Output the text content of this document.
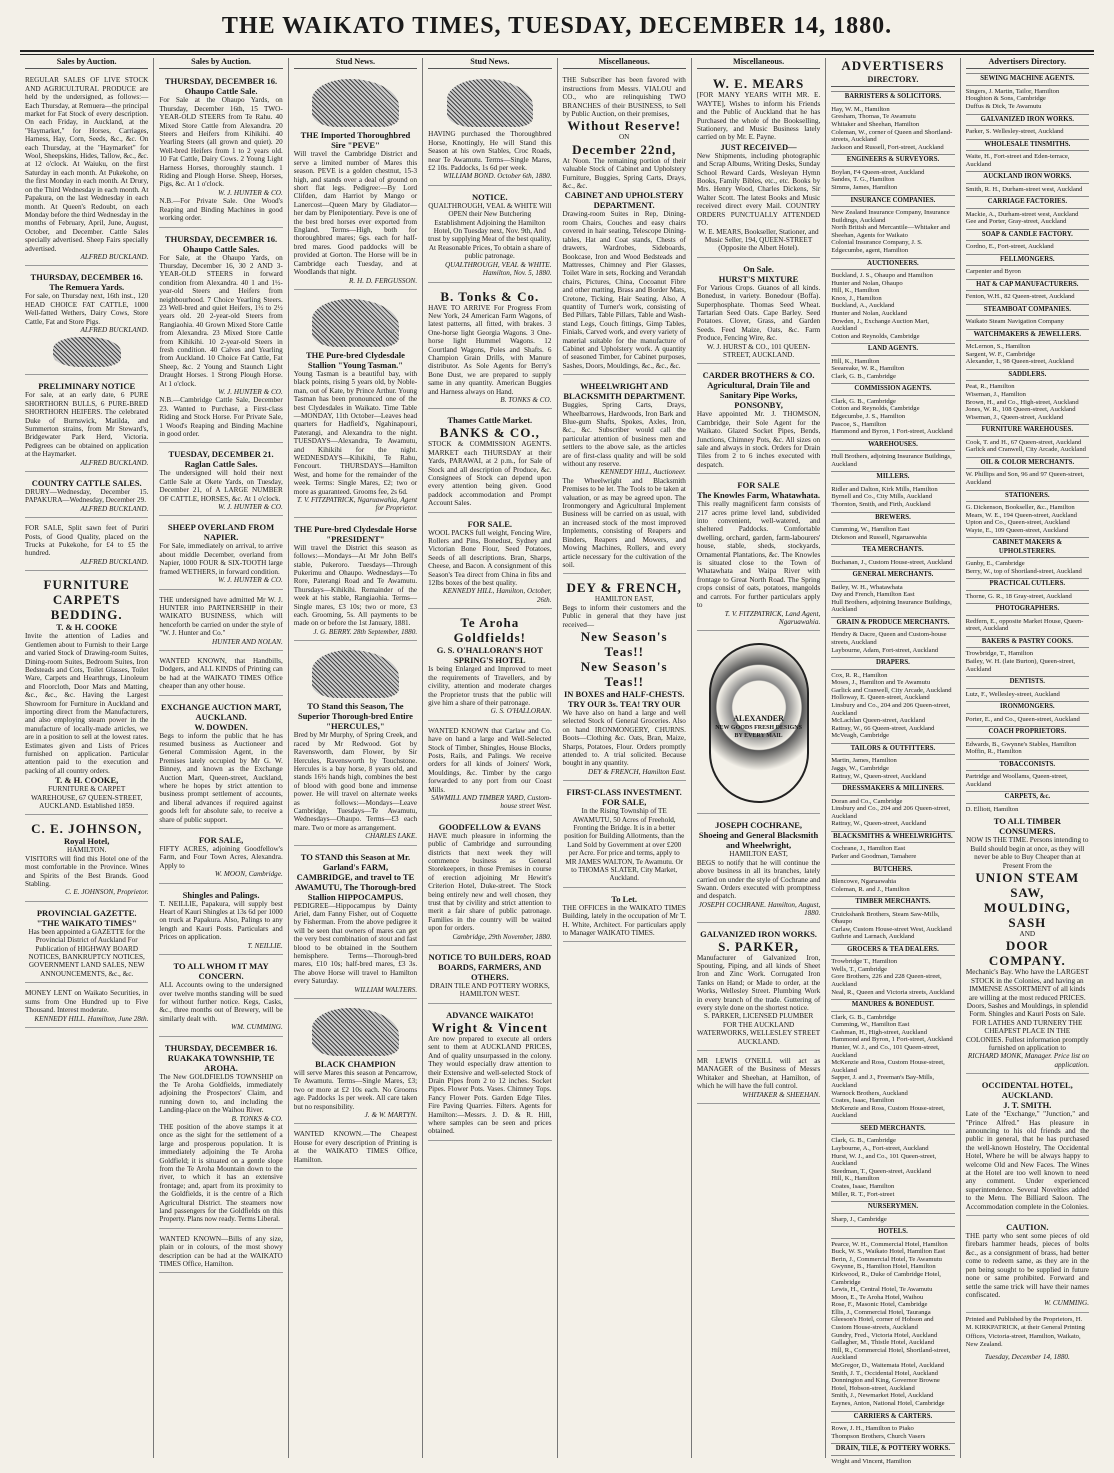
THE WAIKATO TIMES, TUESDAY, DECEMBER 14, 1880.
Sales by Auction.
REGULAR SALES OF LIVE STOCK AND AGRICULTURAL PRODUCE are held by the undersigned, as follows:— Each Thursday, at Remuera—the principal market for Fat Stock of every description. On each Friday, in Auckland, at the "Haymarket," for Horses, Carriages, Harness, Hay, Corn, Seeds, &c., &c. On each Thursday, at the "Haymarket" for Wool, Sheepskins, Hides, Tallow, &c., &c. at 12 o'clock. At Waiuku, on the first Saturday in each month. At Pukekohe, on the first Monday in each month. At Drury, on the Third Wednesday in each month. At Papakura, on the last Wednesday in each month. At Queen's Redoubt, on each Monday before the third Wednesday in the months of February, April, June, August, October, and December. Cattle Sales specially advertised. Sheep Fairs specially advertised.
ALFRED BUCKLAND.
THURSDAY, DECEMBER 16.
The Remuera Yards.
For sale, on Thursday next, 16th inst., 120 HEAD CHOICE FAT CATTLE, 1000 Well-fatted Wethers, Dairy Cows, Store Cattle, Fat and Store Pigs.
ALFRED BUCKLAND.
PRELIMINARY NOTICE
For sale, at an early date, 6 PURE SHORTHORN BULLS, 6 PURE-BRED SHORTHORN HEIFERS. The celebrated Duke of Burnswick, Matilda, and Summerton strains, from Mr Steward's, Bridgewater Park Herd, Victoria. Pedigrees can be obtained on application at the Haymarket.
ALFRED BUCKLAND.
COUNTRY CATTLE SALES.
DRURY—Wednesday, December 15. PAPAKURA—Wednesday, December 29.
ALFRED BUCKLAND.
FOR SALE, Split sawn feet of Puriri Posts, of Good Quality, placed on the Trucks at Pukekohe, for £4 to £5 the hundred.
ALFRED BUCKLAND.
FURNITURE
CARPETS
BEDDING.
T. & H. COOKE
Invite the attention of Ladies and Gentlemen about to Furnish to their Large and varied Stock of Drawing-room Suites, Dining-room Suites, Bedroom Suites, Iron Bedsteads and Cots, Toilet Glasses, Toilet Ware, Carpets and Hearthrugs, Linoleum and Floorcloth, Door Mats and Matting, &c., &c., &c. Having the Largest Showroom for Furniture in Auckland and importing direct from the Manufacturers, and also employing steam power in the manufacture of locally-made articles, we are in a position to sell at the lowest rates. Estimates given and Lists of Prices furnished on application. Particular attention paid to the execution and packing of all country orders.
T. & H. COOKE,
FURNITURE & CARPET WAREHOUSE, 67 QUEEN-STREET, AUCKLAND. Established 1859.
C. E. JOHNSON,
Royal Hotel,
HAMILTON.
VISITORS will find this Hotel one of the most comfortable in the Province. Wines and Spirits of the Best Brands. Good Stabling.
C. E. JOHNSON, Proprietor.
PROVINCIAL GAZETTE.
"THE WAIKATO TIMES"
Has been appointed a GAZETTE for the Provincial District of Auckland For Publication of HIGHWAY BOARD NOTICES, BANKRUPTCY NOTICES, GOVERNMENT LAND SALES, NEW ANNOUNCEMENTS, &c., &c.
MONEY LENT on Waikato Securities, in sums from One Hundred up to Five Thousand. Interest moderate.
KENNEDY HILL. Hamilton, June 28th.
Sales by Auction.
THURSDAY, DECEMBER 16.
Ohaupo Cattle Sale.
For Sale at the Ohaupo Yards, on Thursday, December 16th, 15 TWO-YEAR-OLD STEERS from Te Rahu. 40 Mixed Store Cattle from Alexandra. 20 Steers and Heifers from Kihikihi. 40 Yearling Steers (all grown and quiet). 20 Well-bred Heifers from 1 to 2 years old. 10 Fat Cattle, Dairy Cows. 2 Young Light Harness Horses, thoroughly staunch. 1 Riding and Plough Horse. Sheep, Horses, Pigs, &c. At 1 o'clock.
W. J. HUNTER & CO.
N.B.—For Private Sale. One Wood's Reaping and Binding Machines in good working order.
THURSDAY, DECEMBER 16.
Ohaupo Cattle Sales.
For Sale, at the Ohaupo Yards, on Thursday, December 16, 30 2 AND 3-YEAR-OLD STEERS in forward condition from Alexandra. 40 1 and 1½-year-old Steers and Heifers from neighbourhood. 7 Choice Yearling Steers. 23 Well-bred and quiet Heifers, 1½ to 2½ years old. 20 2-year-old Steers from Rangiaohia. 40 Grown Mixed Store Cattle from Alexandra. 23 Mixed Store Cattle from Kihikihi. 10 2-year-old Steers in fresh condition. 40 Calves and Yearling from Auckland. 10 Choice Fat Cattle, Fat Sheep, &c. 2 Young and Staunch Light Draught Horses. 1 Strong Plough Horse. At 1 o'clock.
W. J. HUNTER & CO.
N.B.—Cambridge Cattle Sale, December 23. Wanted to Purchase, a First-class Riding and Stock Horse. For Private Sale, 1 Wood's Reaping and Binding Machine in good order.
TUESDAY, DECEMBER 21.
Raglan Cattle Sales.
The undersigned will hold their next Cattle Sale at Okete Yards, on Tuesday, December 21, of A LARGE NUMBER OF CATTLE, HORSES, &c. At 1 o'clock.
W. J. HUNTER & CO.
SHEEP OVERLAND FROM NAPIER.
For Sale, immediately on arrival, to arrive about middle December, overland from Napier, 1000 FOUR & SIX-TOOTH large framed WETHERS, in forward condition.
W. J. HUNTER & CO.
THE undersigned have admitted Mr W. J. HUNTER into PARTNERSHIP in their WAIKATO BUSINESS, which will henceforth be carried on under the style of "W. J. Hunter and Co."
HUNTER AND NOLAN.
WANTED KNOWN, that Handbills, Dodgers, and ALL KINDS of Printing can be had at the WAIKATO TIMES Office cheaper than any other house.
EXCHANGE AUCTION MART, AUCKLAND.
W. DOWDEN.
Begs to inform the public that he has resumed business as Auctioneer and General Commission Agent, in the Premises lately occupied by Mr G. W. Binney, and known as the Exchange Auction Mart, Queen-street, Auckland, where he hopes by strict attention to business prompt settlement of accounts, and liberal advances if required against goods left for absolute sale, to receive a share of public support.
FOR SALE,
FIFTY ACRES, adjoining Goodfellow's Farm, and Four Town Acres, Alexandra. Apply to
W. MOON, Cambridge.
Shingles and Palings.
T. NEILLIE, Papakura, will supply best Heart of Kauri Shingles at 13s 6d per 1000 on truck at Papakura. Also, Palings to any length and Kauri Posts. Particulars and Prices on application.
T. NEILLIE.
TO ALL WHOM IT MAY CONCERN.
ALL Accounts owing to the undersigned over twelve months standing will be sued for without further notice. Kegs, Casks, &c., three months out of Brewery, will be similarly dealt with.
WM. CUMMING.
THURSDAY, DECEMBER 16.
RUAKAKA TOWNSHIP, TE AROHA.
The New GOLDFIELDS TOWNSHIP on the Te Aroha Goldfields, immediately adjoining the Prospectors' Claim, and running down to, and including the Landing-place on the Waihou River.
B. TONKS & CO.
THE position of the above stamps it at once as the sight for the settlement of a large and prosperous population. It is immediately adjoining the Te Aroha Goldfield; it is situated on a gentle slope from the Te Aroha Mountain down to the river, to which it has an extensive frontage; and, apart from its proximity to the Goldfields, it is the centre of a Rich Agricultural District. The steamers now land passengers for the Goldfields on this Property. Plans now ready. Terms Liberal.
WANTED KNOWN—Bills of any size, plain or in colours, of the most showy description can be had at the WAIKATO TIMES Office, Hamilton.
Stud News.
THE Imported Thoroughbred Sire "PEVE"
Will travel the Cambridge District and serve a limited number of Mares this season. PEVE is a golden chestnut, 15-3 high, and stands over a deal of ground on short flat legs. Pedigree:—By Lord Clifden, dam Harriot by Mango or Lanercost—Queen Mary by Gladiator—her dam by Plenipotentiary. Peve is one of the best bred horses ever exported from England. Terms—High, both for thoroughbred mares; 6gs. each for half-bred mares. Good paddocks will be provided at Gorton. The Horse will be in Cambridge each Tuesday, and at Woodlands that night.
R. H. D. FERGUSSON.
THE Pure-bred Clydesdale Stallion "Young Tasman."
Young Tasman is a beautiful bay, with black points, rising 5 years old, by Noble-man, out of Kate, by Prince Arthur. Young Tasman has been pronounced one of the best Clydesdales in Waikato. Time Table—MONDAY, 11th October—Leaves head quarters for Hadfield's, Ngahinapouri, Paterangi, and Alexandra to the night. TUESDAYS—Alexandra, Te Awamutu, and Kihikihi for the night. WEDNESDAYS—Kihikihi, Te Rahu, Fencourt. THURSDAYS—Hamilton West, and home for the remainder of the week. Terms: Single Mares, £2; two or more as guaranteed. Grooms fee, 2s 6d.
T. V. FITZPATRICK, Ngaruawahia, Agent for Proprietor.
THE Pure-bred Clydesdale Horse "PRESIDENT"
Will travel the District this season as follows:—Mondays—At Mr John Bell's stable, Pukeroro. Tuesdays—Through Pukerimu and Ohaupo. Wednesdays—To Rore, Paterangi Road and Te Awamutu. Thursdays—Kihikihi. Remainder of the week at his stable, Rangiaohia. Terms—Single mares, £3 10s; two or more, £3 each. Grooming, 5s. All payments to be made on or before the 1st January, 1881.
J. G. BERRY. 28th September, 1880.
TO Stand this Season, The Superior Thorough-bred Entire "HERCULES,"
Bred by Mr Murphy, of Spring Creek, and raced by Mr Redwood. Got by Ravensworth, dam Flower, by Sir Hercules, Ravensworth by Touchstone. Hercules is a bay horse, 8 years old, and stands 16½ hands high, combines the best of blood with good bone and immense power. He will travel on alternate weeks as follows:—Mondays—Leave Cambridge, Tuesdays—Te Awamutu, Wednesdays—Ohaupo. Terms—£3 each mare. Two or more as arrangement.
CHARLES LAKE.
TO STAND this Season at Mr. Garland's FARM, CAMBRIDGE, and travel to TE AWAMUTU, The Thorough-bred Stallion HIPPOCAMPUS.
PEDIGREE—Hippocampus by Dainty Ariel, dam Fanny Fisher, out of Coquette by Fisherman. From the above pedigree it will be seen that owners of mares can get the very best combination of stout and fast blood to be obtained in the Southern hemisphere. Terms—Thorough-bred mares, £10 10s; half-bred mares, £3 3s. The above Horse will travel to Hamilton every Saturday.
WILLIAM WALTERS.
BLACK CHAMPION
will serve Mares this season at Pencarrow, Te Awamutu. Terms—Single Mares, £3; two or more at £2 10s each. No Grooms age. Paddocks 1s per week. All care taken but no responsibility.
J. & W. MARTYN.
WANTED KNOWN.—The Cheapest House for every description of Printing is at the WAIKATO TIMES Office, Hamilton.
Stud News.
HAVING purchased the Thoroughbred Horse, Knottingly, He will Stand this Season at his own Stables, Croc Roads, near Te Awamutu. Terms—Single Mares, £2 10s. Paddocks, 1s 6d per week.
WILLIAM BOND. October 6th, 1880.
NOTICE.
QUALTHROUGH, VEAL & WHITE Will OPEN their New Butchering Establishment Adjoining the Hamilton Hotel, On Tuesday next, Nov. 9th, And trust by supplying Meat of the best quality, At Reasonable Prices, To obtain a share of public patronage.
QUALTHROUGH, VEAL & WHITE. Hamilton, Nov. 5, 1880.
B. Tonks & Co.
HAVE TO ARRIVE For Progress From New York, 24 American Farm Wagons, of latest patterns, all fitted, with brakes. 3 One-horse light Georgia Wagons. 3 One-horse light Hummel Wagons. 12 Courtland Wagons, Poles and Shafts. 6 Champion Grain Drills, with Manure distributor. As Sole Agents for Berry's Bone Dust, we are prepared to supply same in any quantity. American Buggies and Harness always on Hand.
B. TONKS & CO.
Thames Cattle Market.
BANKS & CO.,
STOCK & COMMISSION AGENTS. MARKET each THURSDAY at their Yards, PARAWAI, at 2 p.m., for Sale of Stock and all description of Produce, &c. Consignees of Stock can depend upon every attention being given. Good paddock accommodation and Prompt Account Sales.
FOR SALE.
WOOL PACKS full weight, Fencing Wire, Rollers and Pins, Bonedust, Sydney and Victorian Bone Flour, Seed Potatoes, Seeds of all descriptions. Bran, Sharps, Cheese, and Bacon. A consignment of this Season's Tea direct from China in fibs and 12lbs boxes of the best quality.
KENNEDY HILL, Hamilton, October, 26th.
Te Aroha Goldfields!
G. S. O'HALLORAN'S HOT SPRING'S HOTEL
Is being Enlarged and Improved to meet the requirements of Travellers, and by civility, attention and moderate charges the Proprietor trusts that the public will give him a share of their patronage.
G. S. O'HALLORAN.
WANTED KNOWN that Carlaw and Co. have on hand a large and Well-Selected Stock of Timber, Shingles, House Blocks, Posts, Rails, and Palings. We receive orders for all kinds of Joiners' Work, Mouldings, &c. Timber by the cargo forwarded to any port from our Coast Mills.
SAWMILL AND TIMBER YARD, Custom-house street West.
GOODFELLOW & EVANS
HAVE much pleasure in informing the public of Cambridge and surrounding districts that next week they will commence business as General Storekeepers, in those Premises in course of erection adjoining Mr Hewitt's Criterion Hotel, Duke-street. The Stock being entirely new and well chosen, they trust that by civility and strict attention to merit a fair share of public patronage. Families in the country will be waited upon for orders.
Cambridge, 29th November, 1880.
NOTICE TO BUILDERS, ROAD BOARDS, FARMERS, AND OTHERS.
DRAIN TILE AND POTTERY WORKS, HAMILTON WEST.
ADVANCE WAIKATO!
Wright & Vincent
Are now prepared to execute all orders sent to them at AUCKLAND PRICES, And of quality unsurpassed in the colony. They would especially draw attention to their Extensive and well-selected Stock of Drain Pipes from 2 to 12 inches. Socket Pipes. Flower Pots. Vases. Chimney Tops. Fancy Flower Pots. Garden Edge Tiles. Fire Paving Quarries. Filters. Agents for Hamilton:—Messrs. J. D. & R. Hill, where samples can be seen and prices obtained.
Miscellaneous.
THE Subscriber has been favored with instructions from Messrs. VIALOU and CO., who are relinquishing TWO BRANCHES of their BUSINESS, to Sell by Public Auction, on their premises,
Without Reserve!
ON
December 22nd,
At Noon. The remaining portion of their valuable Stock of Cabinet and Upholstery Furniture, Buggies, Spring Carts, Drays, &c., &c.
CABINET AND UPHOLSTERY DEPARTMENT.
Drawing-room Suites in Rep, Dining-room Chairs, Couches and easy chairs covered in hair seating, Telescope Dining-tables, Hat and Coat stands, Chests of drawers, Wardrobes, Sideboards, Bookcase, Iron and Wood Bedsteads and Mattresses, Chimney and Pier Glasses, Toilet Ware in sets, Rocking and Verandah chairs, Pictures, China, Cocoanut Fibre and other matting, Brass and Border Mats, Cretone, Ticking, Hair Seating. Also, A quantity of Turner's work, consisting of Bed Pillars, Table Pillars, Table and Wash-stand Legs, Couch fittings, Gimp Tables, Finials, Carved work, and every variety of material suitable for the manufacture of Cabinet and Upholstery work. A quantity of seasoned Timber, for Cabinet purposes, Sashes, Doors, Mouldings, &c., &c., &c.
WHEELWRIGHT AND BLACKSMITH DEPARTMENT.
Buggies, Spring Carts, Drays, Wheelbarrows, Hardwoods, Iron Bark and Blue-gum Shafts, Spokes, Axles, Iron, &c., &c. Subscriber would call the particular attention of business men and settlers to the above sale, as the articles are of first-class quality and will be sold without any reserve.
KENNEDY HILL, Auctioneer.
The Wheelwright and Blacksmith Premises to be let. The Tools to be taken at valuation, or as may be agreed upon. The Ironmongery and Agricultural Implement Business will be carried on as usual, with an increased stock of the most improved Implements, consisting of Reapers and Binders, Reapers and Mowers, and Mowing Machines, Rollers, and every article necessary for the cultivation of the soil.
DEY & FRENCH,
HAMILTON EAST,
Begs to inform their customers and the Public in general that they have just received—
New Season's Teas!!
New Season's Teas!!
IN BOXES and HALF-CHESTS.
TRY OUR 3s. TEA! TRY OUR
We have also on hand a large and well selected Stock of General Groceries. Also on hand IRONMONGERY, CHURNS. Boots—Clothing &c. Oats, Bran, Maize, Sharps, Potatoes, Flour. Orders promptly attended to. A trial solicited. Because bought in any quantity.
DEY & FRENCH, Hamilton East.
FIRST-CLASS INVESTMENT.
FOR SALE,
In the Rising Township of TE AWAMUTU, 50 Acres of Freehold, Fronting the Bridge. It is in a better position for Building Allotments, than the Land Sold by Government at over £200 per Acre. For price and terms, apply to MR JAMES WALTON, Te Awamutu. Or to THOMAS SLATER, City Market, Auckland.
To Let.
THE OFFICES in the WAIKATO TIMES Building, lately in the occupation of Mr T. H. White, Architect. For particulars apply to Manager WAIKATO TIMES.
Miscellaneous.
W. E. MEARS
[FOR MANY YEARS WITH MR. E. WAYTE], Wishes to inform his Friends and the Public of Auckland that he has Purchased the whole of the Bookselling, Stationery, and Music Business lately carried on by Mr. E. Payne.
JUST RECEIVED—
New Shipments, including photographic and Scrap Albums, Writing Desks, Sunday School Reward Cards, Wesleyan Hymn Books, Family Bibles, etc., etc. Books by Mrs. Henry Wood, Charles Dickens, Sir Walter Scott. The latest Books and Music received direct every Mail. COUNTRY ORDERS PUNCTUALLY ATTENDED TO.
W. E. MEARS, Bookseller, Stationer, and Music Seller, 194, QUEEN-STREET (Opposite the Albert Hotel).
On Sale.
HURST'S MIXTURE
For Various Crops. Guanos of all kinds. Bonedust, in variety. Bonedour (Boffa). Superphosphate. Thomas Seed Wheat. Tartarian Seed Oats. Cape Barley. Seed Potatoes. Clover, Grass, and Garden Seeds. Feed Maize, Oats, &c. Farm Produce, Fencing Wire, &c.
W. J. HURST & CO., 101 QUEEN-STREET, AUCKLAND.
CARDER BROTHERS & CO.
Agricultural, Drain Tile and Sanitary Pipe Works, PONSONBY,
Have appointed Mr. J. THOMSON, Cambridge, their Sole Agent for the Waikato. Glazed Socket Pipes, Bends, Junctions, Chimney Pots, &c. All sizes on sale and always in stock. Orders for Drain Tiles from 2 to 6 inches executed with despatch.
FOR SALE
The Knowles Farm, Whatawhata.
This really magnificent farm consists of 217 acres prime level land, subdivided into convenient, well-watered, and sheltered Paddocks. Comfortable dwelling, orchard, garden, farm-labourers' house, stable, sheds, stockyards, Ornamental Plantations, &c. The Knowles is situated close to the Town of Whatawhata and Waipa River with frontage to Great North Road. The Spring crops consist of oats, potatoes, mangolds and carrots. For further particulars apply to
T. V. FITZPATRICK, Land Agent, Ngaruawahia.
ALEXANDER
NEW GOODS FRESH DESIGNS BY EVERY MAIL
JOSEPH COCHRANE,
Shoeing and General Blacksmith and Wheelwright,
HAMILTON EAST,
BEGS to notify that he will continue the above business in all its branches, lately carried on under the style of Cochrane and Swann. Orders executed with promptness and despatch.
JOSEPH COCHRANE. Hamilton, August, 1880.
GALVANIZED IRON WORKS.
S. PARKER,
Manufacturer of Galvanized Iron, Spouting, Piping, and all kinds of Sheet Iron and Zinc Work. Corrugated Iron Tanks on Hand; or Made to order, at the Works, Wellesley Street. Plumbing Work in every branch of the trade. Guttering of every style done on the shortest notice.
S. PARKER, LICENSED PLUMBER FOR THE AUCKLAND WATERWORKS, WELLESLEY STREET AUCKLAND.
MR LEWIS O'NEILL will act as MANAGER of the Business of Messrs Whitaker and Sheehan, at Hamilton, of which he will have the full control.
WHITAKER & SHEEHAN.
ADVERTISERS
DIRECTORY.
BARRISTERS & SOLICITORS.
Hay, W. M., Hamilton
Gresham, Thomas, Te Awamutu
Whitaker and Sheehan, Hamilton
Coleman, W., corner of Queen and Shortland-streets, Auckland
Jackson and Russell, Fort-street, Auckland
ENGINEERS & SURVEYORS.
Boylan, F4 Queen-street, Auckland
Sandes, T. G., Hamilton
Simms, James, Hamilton
INSURANCE COMPANIES.
New Zealand Insurance Company, Insurance Buildings, Auckland
North British and Mercantile—Whitaker and Sheehan, Agents for Waikato
Colonial Insurance Company, J. S. Edgecumbe, agent, Hamilton
AUCTIONEERS.
Buckland, J. S., Ohaupo and Hamilton
Hunter and Nolan, Ohaupo
Hill, K., Hamilton
Knox, J., Hamilton
Buckland, A., Auckland
Hunter and Nolan, Auckland
Dowden, J., Exchange Auction Mart, Auckland
Cotton and Reynolds, Cambridge
LAND AGENTS.
Hill, K., Hamilton
Seeareake, W. R., Hamilton
Clark, G. B., Cambridge
COMMISSION AGENTS.
Clark, G. B., Cambridge
Cotton and Reynolds, Cambridge
Edgecumbe, J. S., Hamilton
Pascoe, S., Hamilton
Hammond and Byron, 1 Fort-street, Auckland
WAREHOUSES.
Hull Brothers, adjoining Insurance Buildings, Auckland
MILLERS.
Ridler and Dalton, Kirk Mills, Hamilton
Byrnell and Co., City Mills, Auckland
Thornton, Smith, and Firth, Auckland
BREWERS.
Cumming, W., Hamilton East
Dickeson and Russell, Ngaruawahia
TEA MERCHANTS.
Buchanan, J., Custom House-street, Auckland
GENERAL MERCHANTS.
Bailey, W. H., Whatawhata
Day and French, Hamilton East
Hull Brothers, adjoining Insurance Buildings, Auckland
GRAIN & PRODUCE MERCHANTS.
Hendry & Dacre, Queen and Custom-house streets, Auckland
Laybourne, Adam, Fort-street, Auckland
DRAPERS.
Cox, R. R., Hamilton
Moses, J., Hamilton and Te Awamutu
Garlick and Cranwell, City Arcade, Auckland
Holloway, E. Queen-street, Auckland
Linsbury and Co., 204 and 206 Queen-street, Auckland
McLachlan Queen-street, Auckland
Rattray, W., 66 Queen-street, Auckland
McVeagh, Cambridge
TAILORS & OUTFITTERS.
Martin, James, Hamilton
Jaggs, W., Cambridge
Rattray, W., Queen-street, Auckland
DRESSMAKERS & MILLINERS.
Doran and Co., Cambridge
Linsbury and Co., 204 and 206 Queen-street, Auckland
Rattray, W., Queen-street, Auckland
BLACKSMITHS & WHEELWRIGHTS.
Cochrane, J., Hamilton East
Parker and Goodman, Tamahere
BUTCHERS.
Blencowe, Ngaruawahia
Coleman, R. and J., Hamilton
TIMBER MERCHANTS.
Cruickshank Brothers, Steam Saw-Mills, Ohaupo
Carlaw, Custom House-street West, Auckland
Guthrie and Larnach, Auckland
GROCERS & TEA DEALERS.
Trowbridge T., Hamilton
Wells, T., Cambridge
Gore Brothers, 226 and 228 Queen-street, Auckland
Neal, R., Queen and Victoria streets, Auckland
MANURES & BONEDUST.
Clark, G. B., Cambridge
Cumming, W., Hamilton East
Cashman, H., High-street, Auckland
Hammond and Byron, 1 Fort-street, Auckland
Hunter, W. J., and Co., 101 Queen-street, Auckland
McKenzie and Ross, Custom House-street, Auckland
Sapper, J. and J., Freeman's Bay-Mills, Auckland
Warnock Brothers, Auckland
Coates, Isaac, Hamilton
McKenzie and Ross, Custom House-street, Auckland
SEED MERCHANTS.
Clark, G. B., Cambridge
Laybourne, A., Fort-street, Auckland
Hurst, W. J., and Co., 101 Queen-street, Auckland
Steedman, T., Queen-street, Auckland
Hill, K., Hamilton
Coates, Isaac, Hamilton
Miller, R. T., Fort-street
NURSERYMEN.
Sharp, J., Cambridge
HOTELS.
Pearce, W. H., Commercial Hotel, Hamilton
Buck, W. S., Waikato Hotel, Hamilton East
Berin, J., Commercial Hotel, Te Awamutu
Gwynne, B., Hamilton Hotel, Hamilton
Kirkwood, R., Duke of Cambridge Hotel, Cambridge
Lewis, H., Central Hotel, Te Awamutu
Moon, E., Te Aroha Hotel, Waihou
Rose, F., Masonic Hotel, Cambridge
Ellis, J., Commercial Hotel, Tauranga
Gleeson's Hotel, corner of Hobson and Custom House-streets, Auckland
Gundry, Fred., Victoria Hotel, Auckland
Gallagher, M., Thistle Hotel, Auckland
Hill, R., Commercial Hotel, Shortland-street, Auckland
McGregor, D., Waitemata Hotel, Auckland
Smith, J. T., Occidental Hotel, Auckland
Donnington and King, Governor Browne Hotel, Hobson-street, Auckland
Smith, J., Newmarket Hotel, Auckland
Eaynes, Anton, National Hotel, Cambridge
CARRIERS & CARTERS.
Rowe, J. H., Hamilton to Piako
Thompson Brothers, Church Vasers
DRAIN, TILE, & POTTERY WORKS.
Wright and Vincent, Hamilton
Advertisers Directory.
SEWING MACHINE AGENTS.
Singers, J. Martin, Tailor, Hamilton
Houghton & Sons, Cambridge
Duffus & Dick, Te Awamutu
GALVANIZED IRON WORKS.
Parker, S. Wellesley-street, Auckland
WHOLESALE TINSMITHS.
Waite, H., Fort-street and Eden-terrace, Auckland
AUCKLAND IRON WORKS.
Smith, R. H., Durham-street west, Auckland
CARRIAGE FACTORIES.
Mackie, A., Durham-street west, Auckland
Gee and Porter, Gray-street, Auckland
SOAP & CANDLE FACTORY.
Cordno, E., Fort-street, Auckland
FELLMONGERS.
Carpenter and Byron
HAT & CAP MANUFACTURERS.
Fenton, W.H., 82 Queen-street, Auckland
STEAMBOAT COMPANIES.
Waikato Steam Navigation Company
WATCHMAKERS & JEWELLERS.
McLernon, S., Hamilton
Sargent, W. F., Cambridge
Alexander, I., 98 Queen-street, Auckland
SADDLERS.
Peat, R., Hamilton
Wiseman, J., Hamilton
Brown, H., and Co., High-street, Auckland
Jones, W. R., 108 Queen-street, Auckland
Wiseman, J., Queen-street, Auckland
FURNITURE WAREHOUSES.
Cook, T. and H., 67 Queen-street, Auckland
Garlick and Cranwell, City Arcade, Auckland
OIL & COLOR MERCHANTS.
W. Phillips and Son, 96 and 97 Queen-street, Auckland
STATIONERS.
G. Dickenson, Bookseller, &c., Hamilton
Mears, W. E., 194 Queen-street, Auckland
Upton and Co., Queen-street, Auckland
Wayte, E., 109 Queen-street, Auckland
CABINET MAKERS & UPHOLSTERERS.
Gunby, E., Cambridge
Berry, W., top of Shortland-street, Auckland
PRACTICAL CUTLERS.
Thorne, G. R., 18 Gray-street, Auckland
PHOTOGRAPHERS.
Redfern, E., opposite Market House, Queen-street, Auckland
BAKERS & PASTRY COOKS.
Trowbridge, T., Hamilton
Bailey, W. H. (late Burton), Queen-street, Auckland
DENTISTS.
Lutz, F., Wellesley-street, Auckland
IRONMONGERS.
Porter, E., and Co., Queen-street, Auckland
COACH PROPRIETORS.
Edwards, B., Gwynne's Stables, Hamilton
Moffin, R., Hamilton
TOBACCONISTS.
Partridge and Woollams, Queen-street, Auckland
CARPETS, &c.
D. Elliott, Hamilton
TO ALL TIMBER CONSUMERS.
NOW IS THE TIME. Persons intending to Build should begin at once, as they will never be able to Buy Cheaper than at Present From the
UNION STEAM SAW,
MOULDING, SASH
AND
DOOR COMPANY.
Mechanic's Bay. Who have the LARGEST STOCK in the Colonies, and having an IMMENSE ASSORTMENT of all kinds are willing at the most reduced PRICES. Doors, Sashes and Mouldings, in splendid Form. Shingles and Kauri Posts on Sale. FOR LATHES AND TURNERY THE CHEAPEST PLACE IN THE COLONIES. Fullest information promptly furnished on application to
RICHARD MONK, Manager. Price list on application.
OCCIDENTAL HOTEL, AUCKLAND.
J. T. SMITH.
Late of the "Exchange," "Junction," and "Prince Alfred." Has pleasure in announcing to his old friends and the public in general, that he has purchased the well-known Hostelry, The Occidental Hotel, Where he will be always happy to welcome Old and New Faces. The Wines at the Hotel are too well known to need any comment. Under experienced superintendence. Several Novelties added to the Menu. The Billiard Saloon. The Accommodation complete in the Colonies.
CAUTION.
THE party who sent some pieces of old firebars hammer heads, pieces of bolts &c., as a consignment of brass, had better come to redeem same, as they are in the pen being sought to be supplied in future none or same prohibited. Forward and settle the same trick will have their names confiscated.
W. CUMMING.
Printed and Published by the Proprietors, H. M. KIRKPATRICK, at their General Printing Offices, Victoria-street, Hamilton, Waikato, New Zealand.
Tuesday, December 14, 1880.
